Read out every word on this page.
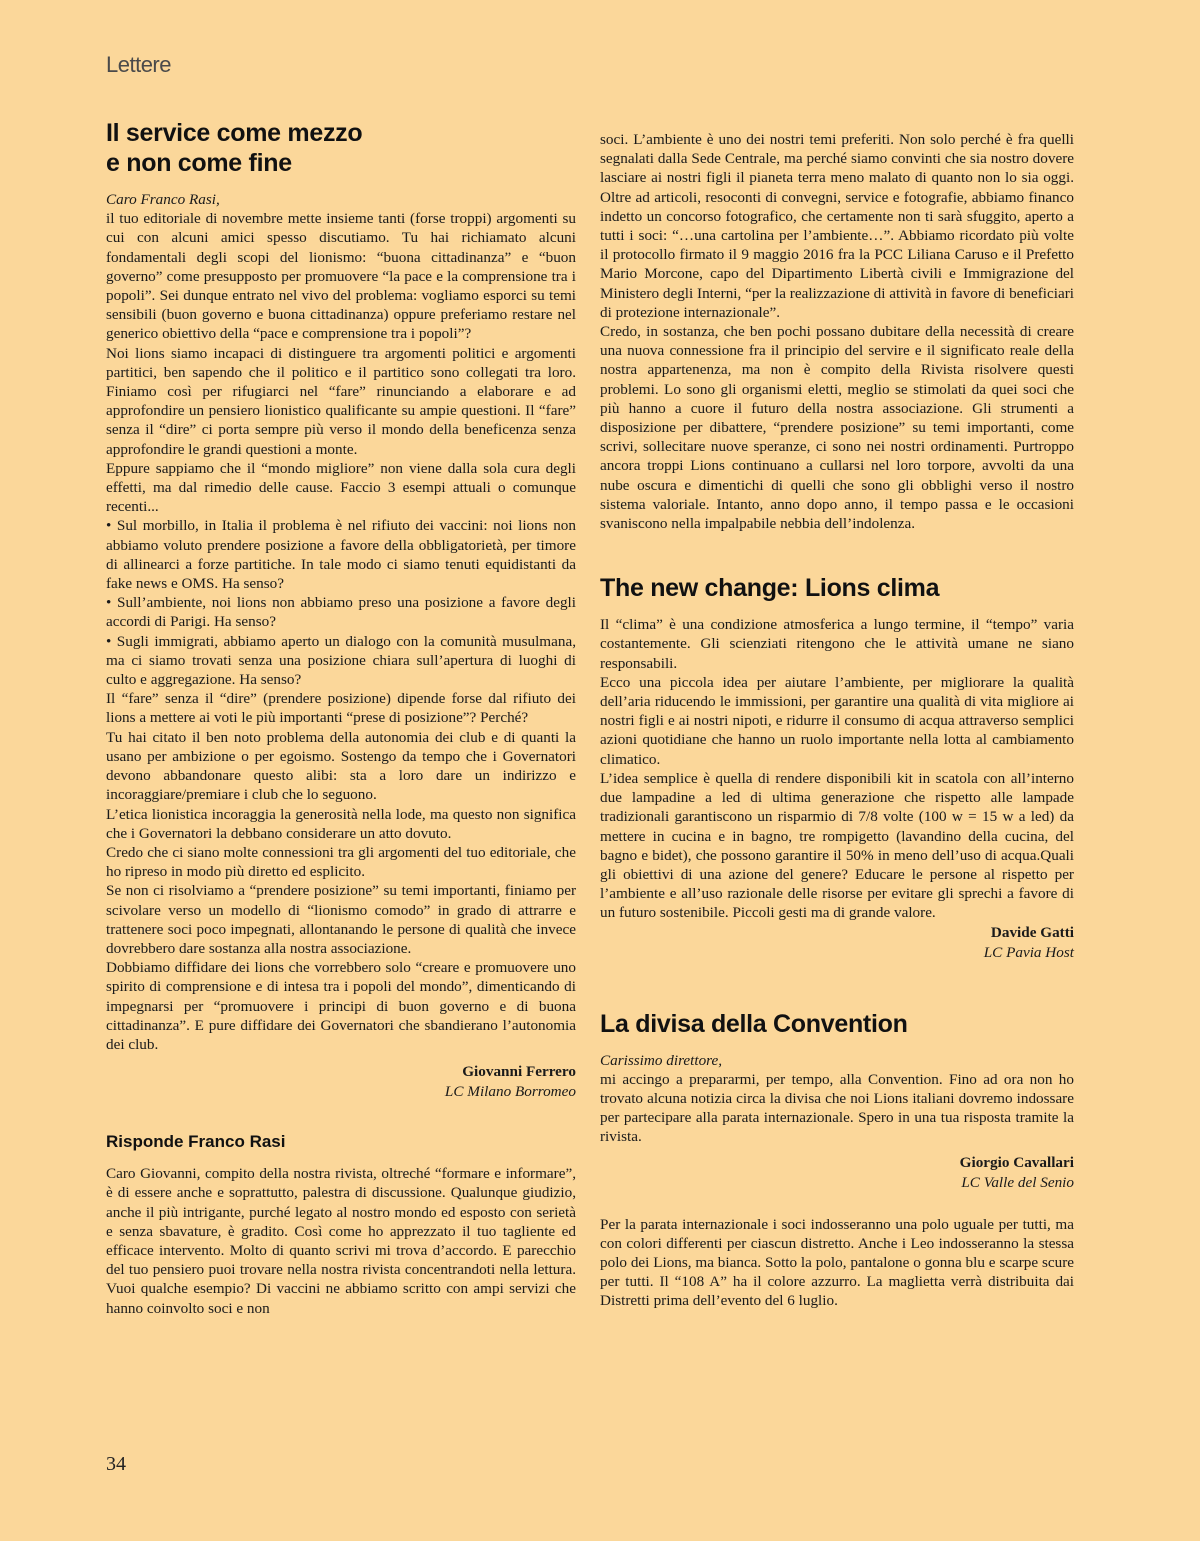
Lettere
Il service come mezzo
e non come fine

Caro Franco Rasi,

il tuo editoriale di novembre mette insieme tanti (forse troppi) argomenti su cui con alcuni amici spesso discutiamo. Tu hai richiamato alcuni fondamentali degli scopi del lionismo: “buona cittadinanza” e “buon governo” come presupposto per promuovere “la pace e la comprensione tra i popoli”. Sei dunque entrato nel vivo del problema: vogliamo esporci su temi sensibili (buon governo e buona cittadinanza) oppure preferiamo restare nel generico obiettivo della “pace e comprensione tra i popoli”?

Noi lions siamo incapaci di distinguere tra argomenti politici e argomenti partitici, ben sapendo che il politico e il partitico sono collegati tra loro. Finiamo così per rifugiarci nel “fare” rinunciando a elaborare e ad approfondire un pensiero lionistico qualificante su ampie questioni. Il “fare” senza il “dire” ci porta sempre più verso il mondo della beneficenza senza approfondire le grandi questioni a monte.

Eppure sappiamo che il “mondo migliore” non viene dalla sola cura degli effetti, ma dal rimedio delle cause. Faccio 3 esempi attuali o comunque recenti...

• Sul morbillo, in Italia il problema è nel rifiuto dei vaccini: noi lions non abbiamo voluto prendere posizione a favore della obbligatorietà, per timore di allinearci a forze partitiche. In tale modo ci siamo tenuti equidistanti da fake news e OMS. Ha senso?

• Sull’ambiente, noi lions non abbiamo preso una posizione a favore degli accordi di Parigi. Ha senso?

• Sugli immigrati, abbiamo aperto un dialogo con la comunità musulmana, ma ci siamo trovati senza una posizione chiara sull’apertura di luoghi di culto e aggregazione. Ha senso?

Il “fare” senza il “dire” (prendere posizione) dipende forse dal rifiuto dei lions a mettere ai voti le più importanti “prese di posizione”? Perché?

Tu hai citato il ben noto problema della autonomia dei club e di quanti la usano per ambizione o per egoismo. Sostengo da tempo che i Governatori devono abbandonare questo alibi: sta a loro dare un indirizzo e incoraggiare/premiare i club che lo seguono.

L’etica lionistica incoraggia la generosità nella lode, ma questo non significa che i Governatori la debbano considerare un atto dovuto.

Credo che ci siano molte connessioni tra gli argomenti del tuo editoriale, che ho ripreso in modo più diretto ed esplicito.

Se non ci risolviamo a “prendere posizione” su temi importanti, finiamo per scivolare verso un modello di “lionismo comodo” in grado di attrarre e trattenere soci poco impegnati, allontanando le persone di qualità che invece dovrebbero dare sostanza alla nostra associazione.

Dobbiamo diffidare dei lions che vorrebbero solo “creare e promuovere uno spirito di comprensione e di intesa tra i popoli del mondo”, dimenticando di impegnarsi per “promuovere i principi di buon governo e di buona cittadinanza”. E pure diffidare dei Governatori che sbandierano l’autonomia dei club.

Giovanni Ferrero
LC Milano Borromeo
Risponde Franco Rasi

Caro Giovanni, compito della nostra rivista, oltreché “formare e informare”, è di essere anche e soprattutto, palestra di discussione. Qualunque giudizio, anche il più intrigante, purché legato al nostro mondo ed esposto con serietà e senza sbavature, è gradito. Così come ho apprezzato il tuo tagliente ed efficace intervento. Molto di quanto scrivi mi trova d’accordo. E parecchio del tuo pensiero puoi trovare nella nostra rivista concentrandoti nella lettura. Vuoi qualche esempio? Di vaccini ne abbiamo scritto con ampi servizi che hanno coinvolto soci e non

soci. L’ambiente è uno dei nostri temi preferiti. Non solo perché è fra quelli segnalati dalla Sede Centrale, ma perché siamo convinti che sia nostro dovere lasciare ai nostri figli il pianeta terra meno malato di quanto non lo sia oggi. Oltre ad articoli, resoconti di convegni, service e fotografie, abbiamo financo indetto un concorso fotografico, che certamente non ti sarà sfuggito, aperto a tutti i soci: “…una cartolina per l’ambiente…”. Abbiamo ricordato più volte il protocollo firmato il 9 maggio 2016 fra la PCC Liliana Caruso e il Prefetto Mario Morcone, capo del Dipartimento Libertà civili e Immigrazione del Ministero degli Interni, “per la realizzazione di attività in favore di beneficiari di protezione internazionale”.

Credo, in sostanza, che ben pochi possano dubitare della necessità di creare una nuova connessione fra il principio del servire e il significato reale della nostra appartenenza, ma non è compito della Rivista risolvere questi problemi. Lo sono gli organismi eletti, meglio se stimolati da quei soci che più hanno a cuore il futuro della nostra associazione. Gli strumenti a disposizione per dibattere, “prendere posizione” su temi importanti, come scrivi, sollecitare nuove speranze, ci sono nei nostri ordinamenti. Purtroppo ancora troppi Lions continuano a cullarsi nel loro torpore, avvolti da una nube oscura e dimentichi di quelli che sono gli obblighi verso il nostro sistema valoriale. Intanto, anno dopo anno, il tempo passa e le occasioni svaniscono nella impalpabile nebbia dell’indolenza.

The new change: Lions clima

Il “clima” è una condizione atmosferica a lungo termine, il “tempo” varia costantemente. Gli scienziati ritengono che le attività umane ne siano responsabili.

Ecco una piccola idea per aiutare l’ambiente, per migliorare la qualità dell’aria riducendo le immissioni, per garantire una qualità di vita migliore ai nostri figli e ai nostri nipoti, e ridurre il consumo di acqua attraverso semplici azioni quotidiane che hanno un ruolo importante nella lotta al cambiamento climatico.

L’idea semplice è quella di rendere disponibili kit in scatola con all’interno due lampadine a led di ultima generazione che rispetto alle lampade tradizionali garantiscono un risparmio di 7/8 volte (100 w = 15 w a led) da mettere in cucina e in bagno, tre rompigetto (lavandino della cucina, del bagno e bidet), che possono garantire il 50% in meno dell’uso di acqua.Quali gli obiettivi di una azione del genere? Educare le persone al rispetto per l’ambiente e all’uso razionale delle risorse per evitare gli sprechi a favore di un futuro sostenibile. Piccoli gesti ma di grande valore.

Davide Gatti
LC Pavia Host
La divisa della Convention

Carissimo direttore,

mi accingo a prepararmi, per tempo, alla Convention. Fino ad ora non ho trovato alcuna notizia circa la divisa che noi Lions italiani dovremo indossare per partecipare alla parata internazionale. Spero in una tua risposta tramite la rivista.

Giorgio Cavallari
LC Valle del Senio

Per la parata internazionale i soci indosseranno una polo uguale per tutti, ma con colori differenti per ciascun distretto. Anche i Leo indosseranno la stessa polo dei Lions, ma bianca. Sotto la polo, pantalone o gonna blu e scarpe scure per tutti. Il “108 A” ha il colore azzurro. La maglietta verrà distribuita dai Distretti prima dell’evento del 6 luglio.

34
